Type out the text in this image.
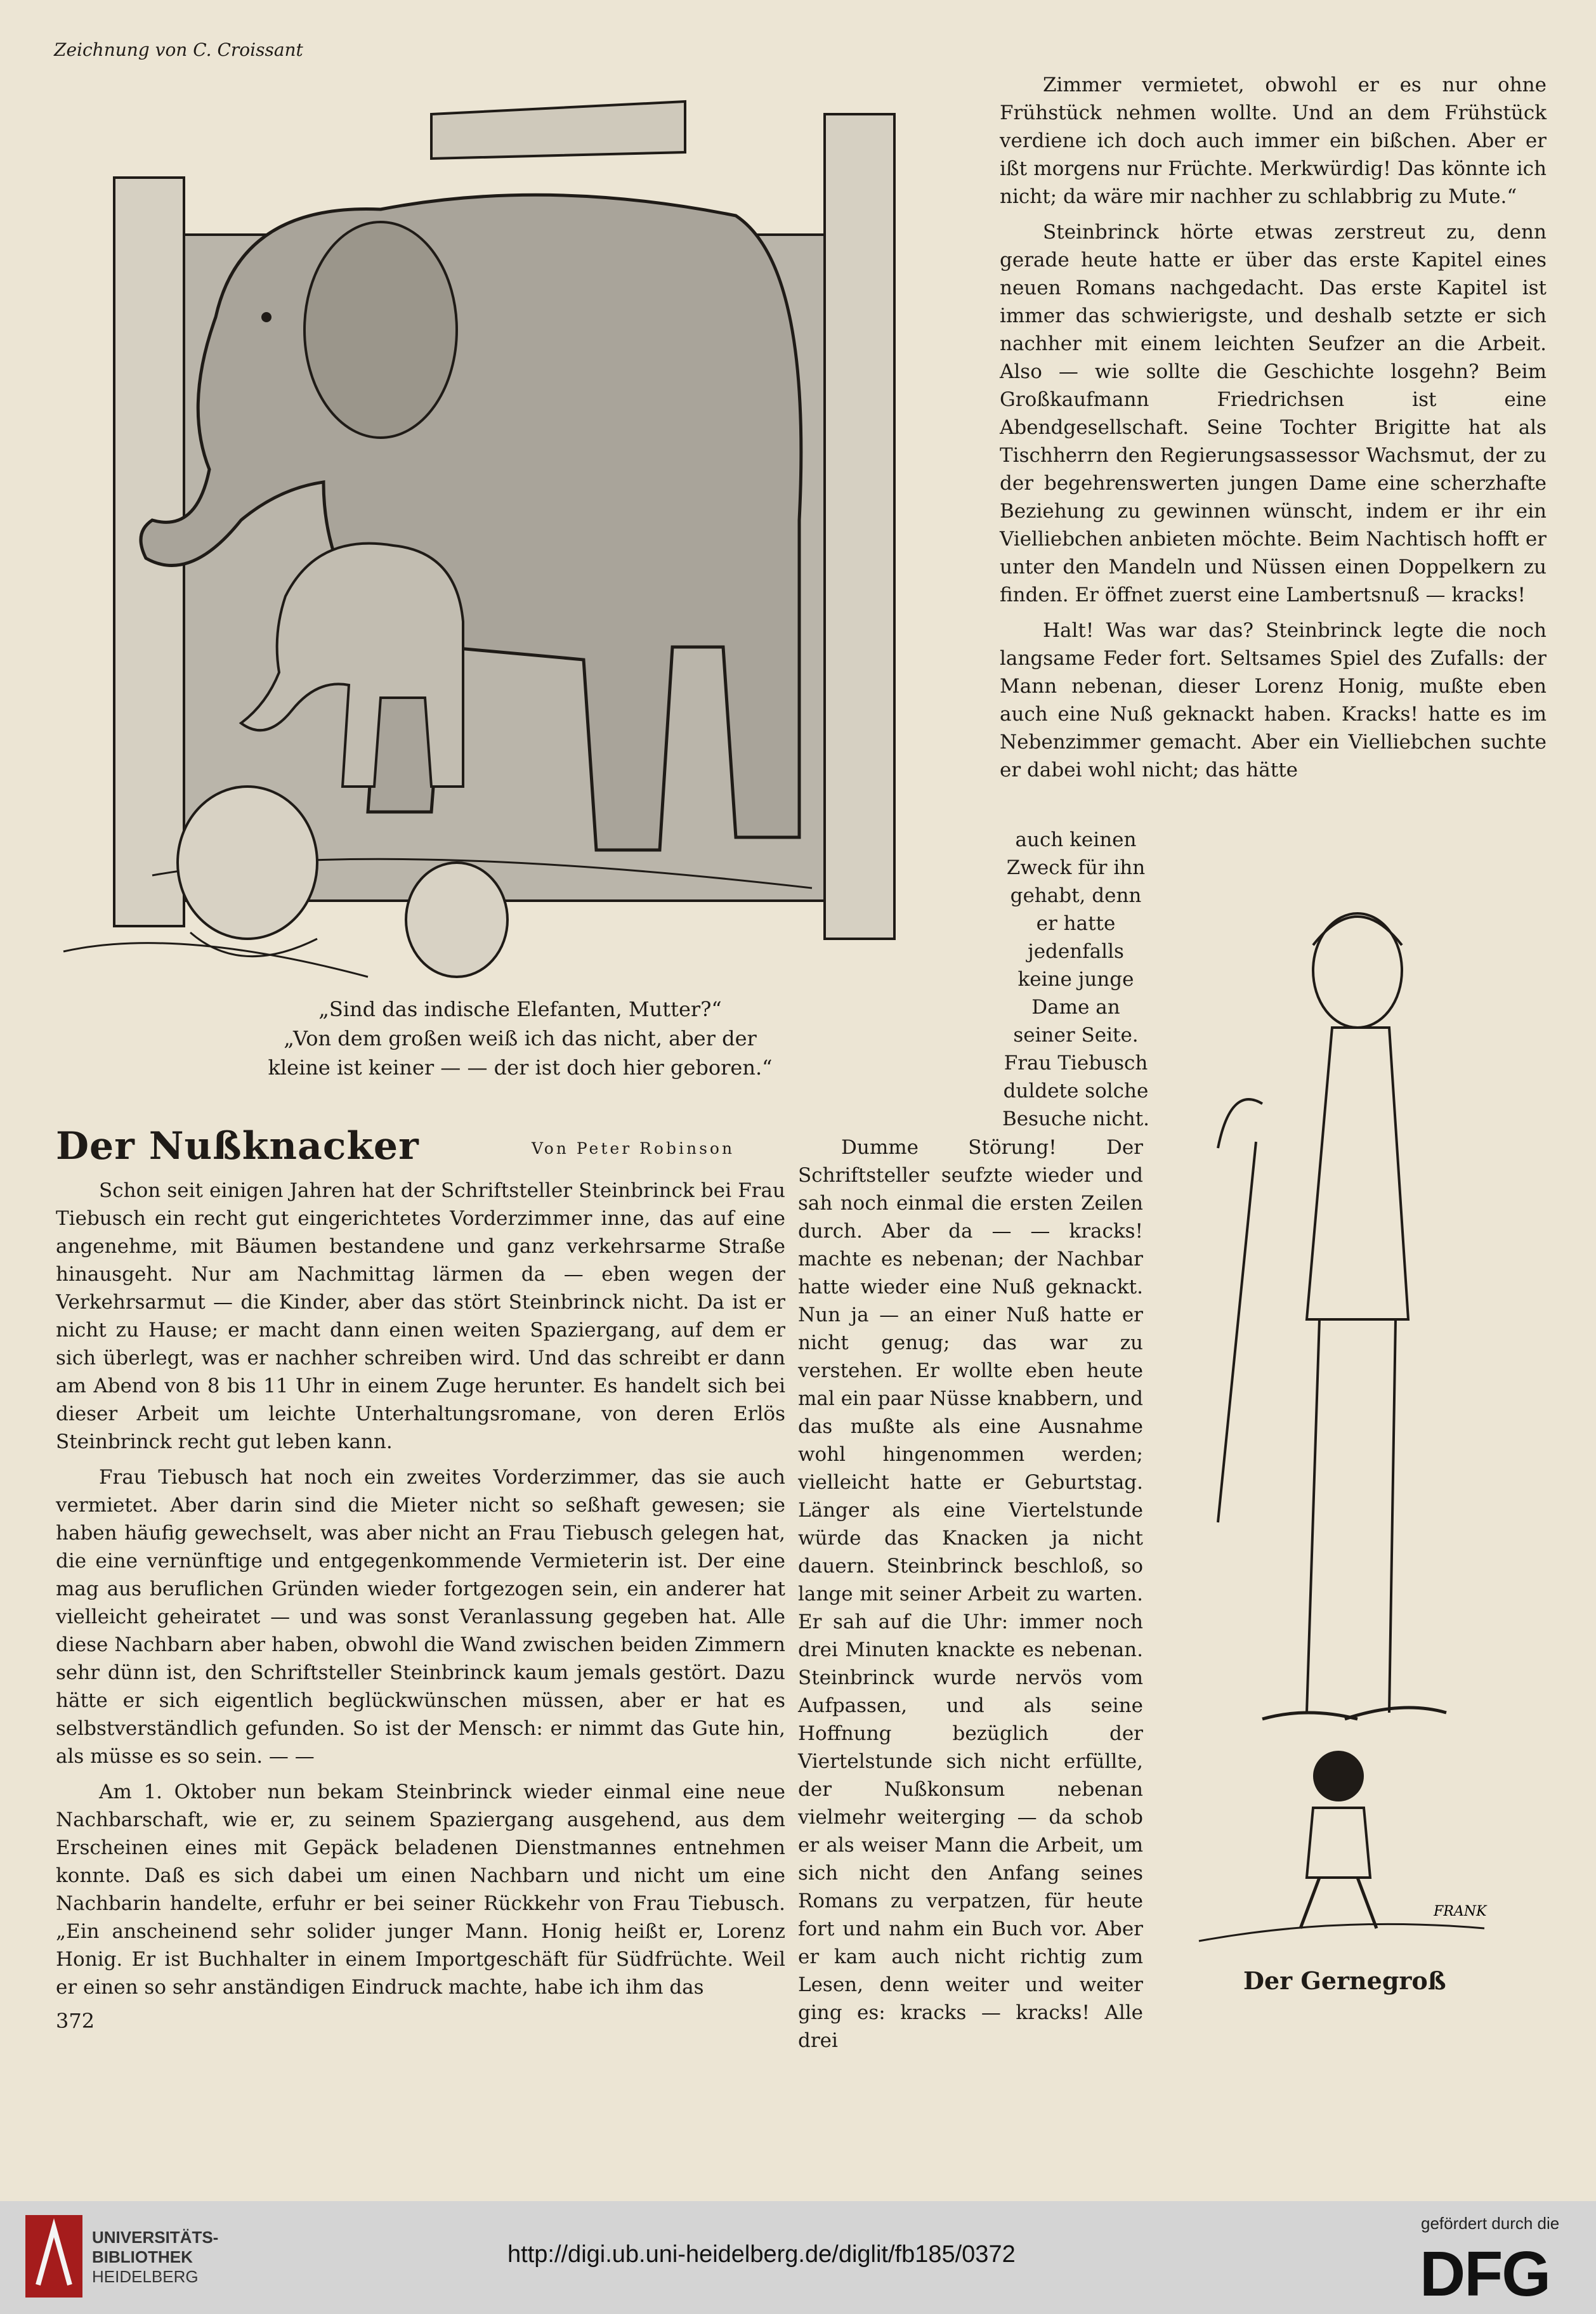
Zeichnung von C. Croissant
„Sind das indische Elefanten, Mutter?“
„Von dem großen weiß ich das nicht, aber der
kleine ist keiner — — der ist doch hier geboren.“

Zimmer vermietet, obwohl er es nur ohne Frühstück nehmen wollte. Und an dem Frühstück verdiene ich doch auch immer ein bißchen. Aber er ißt morgens nur Früchte. Merkwürdig! Das könnte ich nicht; da wäre mir nachher zu schlabbrig zu Mute.“

Steinbrinck hörte etwas zerstreut zu, denn gerade heute hatte er über das erste Kapitel eines neuen Romans nachgedacht. Das erste Kapitel ist immer das schwierigste, und deshalb setzte er sich nachher mit einem leichten Seufzer an die Arbeit. Also — wie sollte die Geschichte losgehn? Beim Großkaufmann Friedrichsen ist eine Abendgesellschaft. Seine Tochter Brigitte hat als Tischherrn den Regierungsassessor Wachsmut, der zu der begehrenswerten jungen Dame eine scherzhafte Beziehung zu gewinnen wünscht, indem er ihr ein Vielliebchen anbieten möchte. Beim Nachtisch hofft er unter den Mandeln und Nüssen einen Doppelkern zu finden. Er öffnet zuerst eine Lambertsnuß — kracks!

Halt! Was war das? Steinbrinck legte die noch langsame Feder fort. Seltsames Spiel des Zufalls: der Mann nebenan, dieser Lorenz Honig, mußte eben auch eine Nuß geknackt haben. Kracks! hatte es im Nebenzimmer gemacht. Aber ein Vielliebchen suchte er dabei wohl nicht; das hätte

auch keinen Zweck für ihn gehabt, denn er hatte jedenfalls keine junge Dame an seiner Seite. Frau Tiebusch duldete solche Besuche nicht.

Der Nußknacker	Von Peter Robinson

Schon seit einigen Jahren hat der Schriftsteller Steinbrinck bei Frau Tiebusch ein recht gut eingerichtetes Vorderzimmer inne, das auf eine angenehme, mit Bäumen bestandene und ganz verkehrsarme Straße hinausgeht. Nur am Nachmittag lärmen da — eben wegen der Verkehrsarmut — die Kinder, aber das stört Steinbrinck nicht. Da ist er nicht zu Hause; er macht dann einen weiten Spaziergang, auf dem er sich überlegt, was er nachher schreiben wird. Und das schreibt er dann am Abend von 8 bis 11 Uhr in einem Zuge herunter. Es handelt sich bei dieser Arbeit um leichte Unterhaltungsromane, von deren Erlös Steinbrinck recht gut leben kann.

Frau Tiebusch hat noch ein zweites Vorderzimmer, das sie auch vermietet. Aber darin sind die Mieter nicht so seßhaft gewesen; sie haben häufig gewechselt, was aber nicht an Frau Tiebusch gelegen hat, die eine vernünftige und entgegenkommende Vermieterin ist. Der eine mag aus beruflichen Gründen wieder fortgezogen sein, ein anderer hat vielleicht geheiratet — und was sonst Veranlassung gegeben hat. Alle diese Nachbarn aber haben, obwohl die Wand zwischen beiden Zimmern sehr dünn ist, den Schriftsteller Steinbrinck kaum jemals gestört. Dazu hätte er sich eigentlich beglückwünschen müssen, aber er hat es selbstverständlich gefunden. So ist der Mensch: er nimmt das Gute hin, als müsse es so sein. — —

Am 1. Oktober nun bekam Steinbrinck wieder einmal eine neue Nachbarschaft, wie er, zu seinem Spaziergang ausgehend, aus dem Erscheinen eines mit Gepäck beladenen Dienstmannes entnehmen konnte. Daß es sich dabei um einen Nachbarn und nicht um eine Nachbarin handelte, erfuhr er bei seiner Rückkehr von Frau Tiebusch. „Ein anscheinend sehr solider junger Mann. Honig heißt er, Lorenz Honig. Er ist Buchhalter in einem Importgeschäft für Südfrüchte. Weil er einen so sehr anständigen Eindruck machte, habe ich ihm das

Dumme Störung! Der Schriftsteller seufzte wieder und sah noch einmal die ersten Zeilen durch. Aber da — — kracks! machte es nebenan; der Nachbar hatte wieder eine Nuß geknackt. Nun ja — an einer Nuß hatte er nicht genug; das war zu verstehen. Er wollte eben heute mal ein paar Nüsse knabbern, und das mußte als eine Ausnahme wohl hingenommen werden; vielleicht hatte er Geburtstag. Länger als eine Viertelstunde würde das Knacken ja nicht dauern. Steinbrinck beschloß, so lange mit seiner Arbeit zu warten. Er sah auf die Uhr: immer noch drei Minuten knackte es nebenan. Steinbrinck wurde nervös vom Aufpassen, und als seine Hoffnung bezüglich der Viertelstunde sich nicht erfüllte, der Nußkonsum nebenan vielmehr weiterging — da schob er als weiser Mann die Arbeit, um sich nicht den Anfang seines Romans zu verpatzen, für heute fort und nahm ein Buch vor. Aber er kam auch nicht richtig zum Lesen, denn weiter und weiter ging es: kracks — kracks! Alle drei

FRANK
Der Gernegroß
372
UNIVERSITÄTS-
BIBLIOTHEK
HEIDELBERG
http://digi.ub.uni-heidelberg.de/diglit/fb185/0372
gefördert durch die
DFG
